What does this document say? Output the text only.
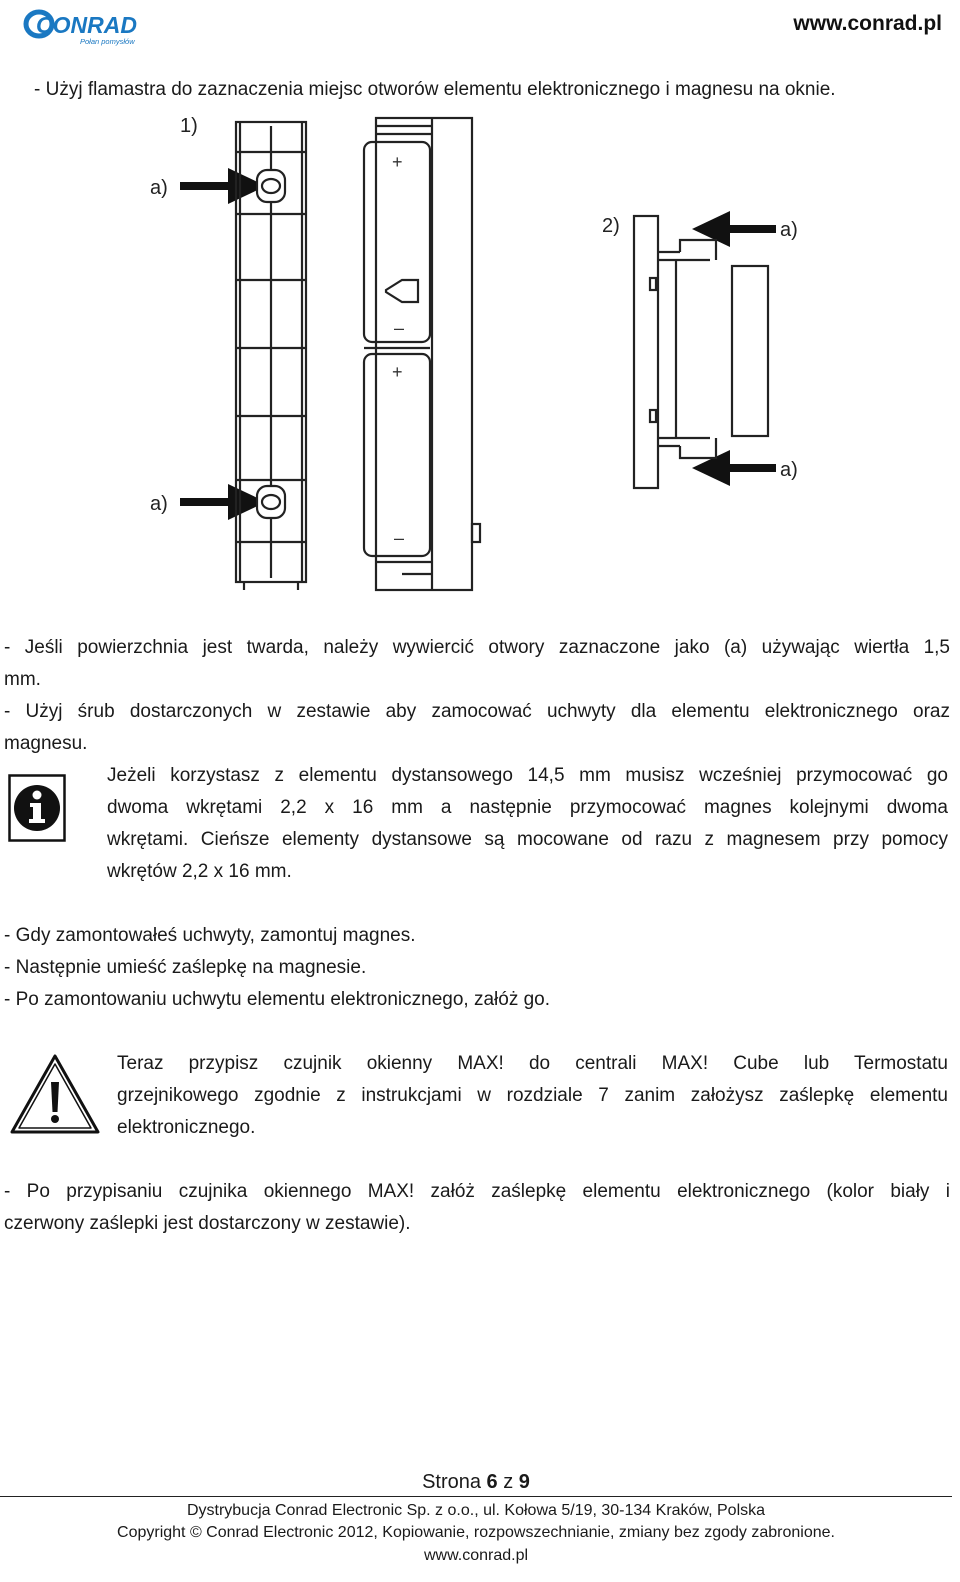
CONRAD
Połan pomysłów
www.conrad.pl
- Użyj flamastra do zaznaczenia miejsc otworów elementu elektronicznego i magnesu na oknie.
1)
a)
a)
2)	a)
a)
+
–
+
–
- Jeśli powierzchnia jest twarda, należy wywiercić otwory zaznaczone jako (a) używając wiertła 1,5
mm.
- Użyj śrub dostarczonych w zestawie aby zamocować uchwyty dla elementu elektronicznego oraz
magnesu.
Jeżeli korzystasz z elementu dystansowego 14,5 mm musisz wcześniej przymocować go
dwoma wkrętami 2,2 x 16 mm a następnie przymocować magnes kolejnymi dwoma
wkrętami. Cieńsze elementy dystansowe są mocowane od razu z magnesem przy pomocy
wkrętów 2,2 x 16 mm.
- Gdy zamontowałeś uchwyty, zamontuj magnes.
- Następnie umieść zaślepkę na magnesie.
- Po zamontowaniu uchwytu elementu elektronicznego, załóż go.
Teraz przypisz czujnik okienny MAX! do centrali MAX! Cube lub Termostatu
grzejnikowego zgodnie z instrukcjami w rozdziale 7 zanim założysz zaślepkę elementu
elektronicznego.
- Po przypisaniu czujnika okiennego MAX! załóż zaślepkę elementu elektronicznego (kolor biały i
czerwony zaślepki jest dostarczony w zestawie).
Strona 6 z 9
Dystrybucja Conrad Electronic Sp. z o.o., ul. Kołowa 5/19, 30-134 Kraków, Polska
Copyright © Conrad Electronic 2012, Kopiowanie, rozpowszechnianie, zmiany bez zgody zabronione.
www.conrad.pl
